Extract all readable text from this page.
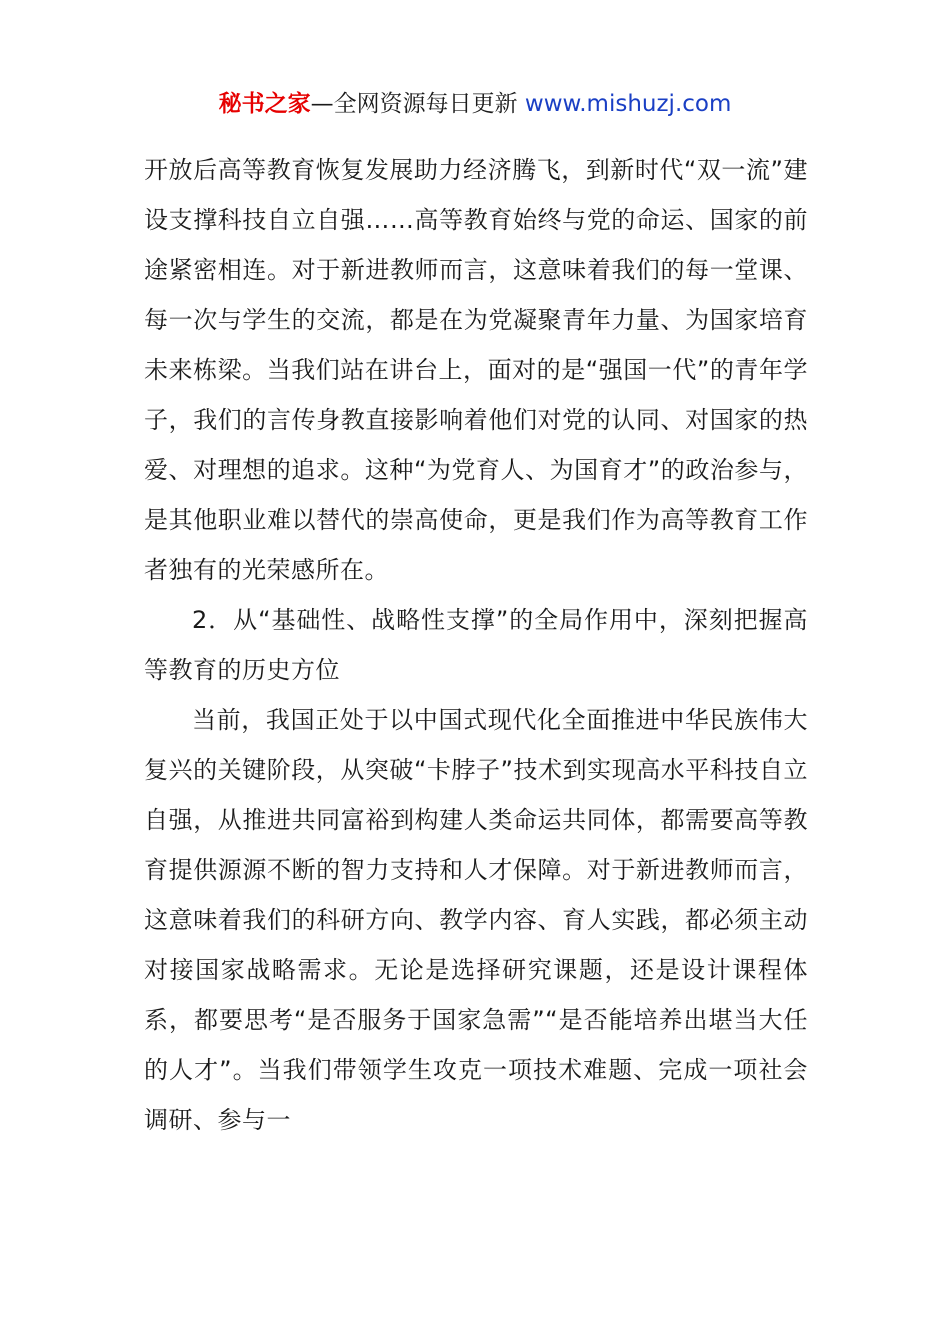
秘书之家—全网资源每日更新 www.mishuzj.com

开放后高等教育恢复发展助力经济腾飞，到新时代“双一流”建设支撑科技自立自强……高等教育始终与党的命运、国家的前途紧密相连。对于新进教师而言，这意味着我们的每一堂课、每一次与学生的交流，都是在为党凝聚青年力量、为国家培育未来栋梁。当我们站在讲台上，面对的是“强国一代”的青年学子，我们的言传身教直接影响着他们对党的认同、对国家的热爱、对理想的追求。这种“为党育人、为国育才”的政治参与，是其他职业难以替代的崇高使命，更是我们作为高等教育工作者独有的光荣感所在。

2．从“基础性、战略性支撑”的全局作用中，深刻把握高等教育的历史方位

当前，我国正处于以中国式现代化全面推进中华民族伟大复兴的关键阶段，从突破“卡脖子”技术到实现高水平科技自立自强，从推进共同富裕到构建人类命运共同体，都需要高等教育提供源源不断的智力支持和人才保障。对于新进教师而言，这意味着我们的科研方向、教学内容、育人实践，都必须主动对接国家战略需求。无论是选择研究课题，还是设计课程体系，都要思考“是否服务于国家急需”“是否能培养出堪当大任的人才”。当我们带领学生攻克一项技术难题、完成一项社会调研、参与一
